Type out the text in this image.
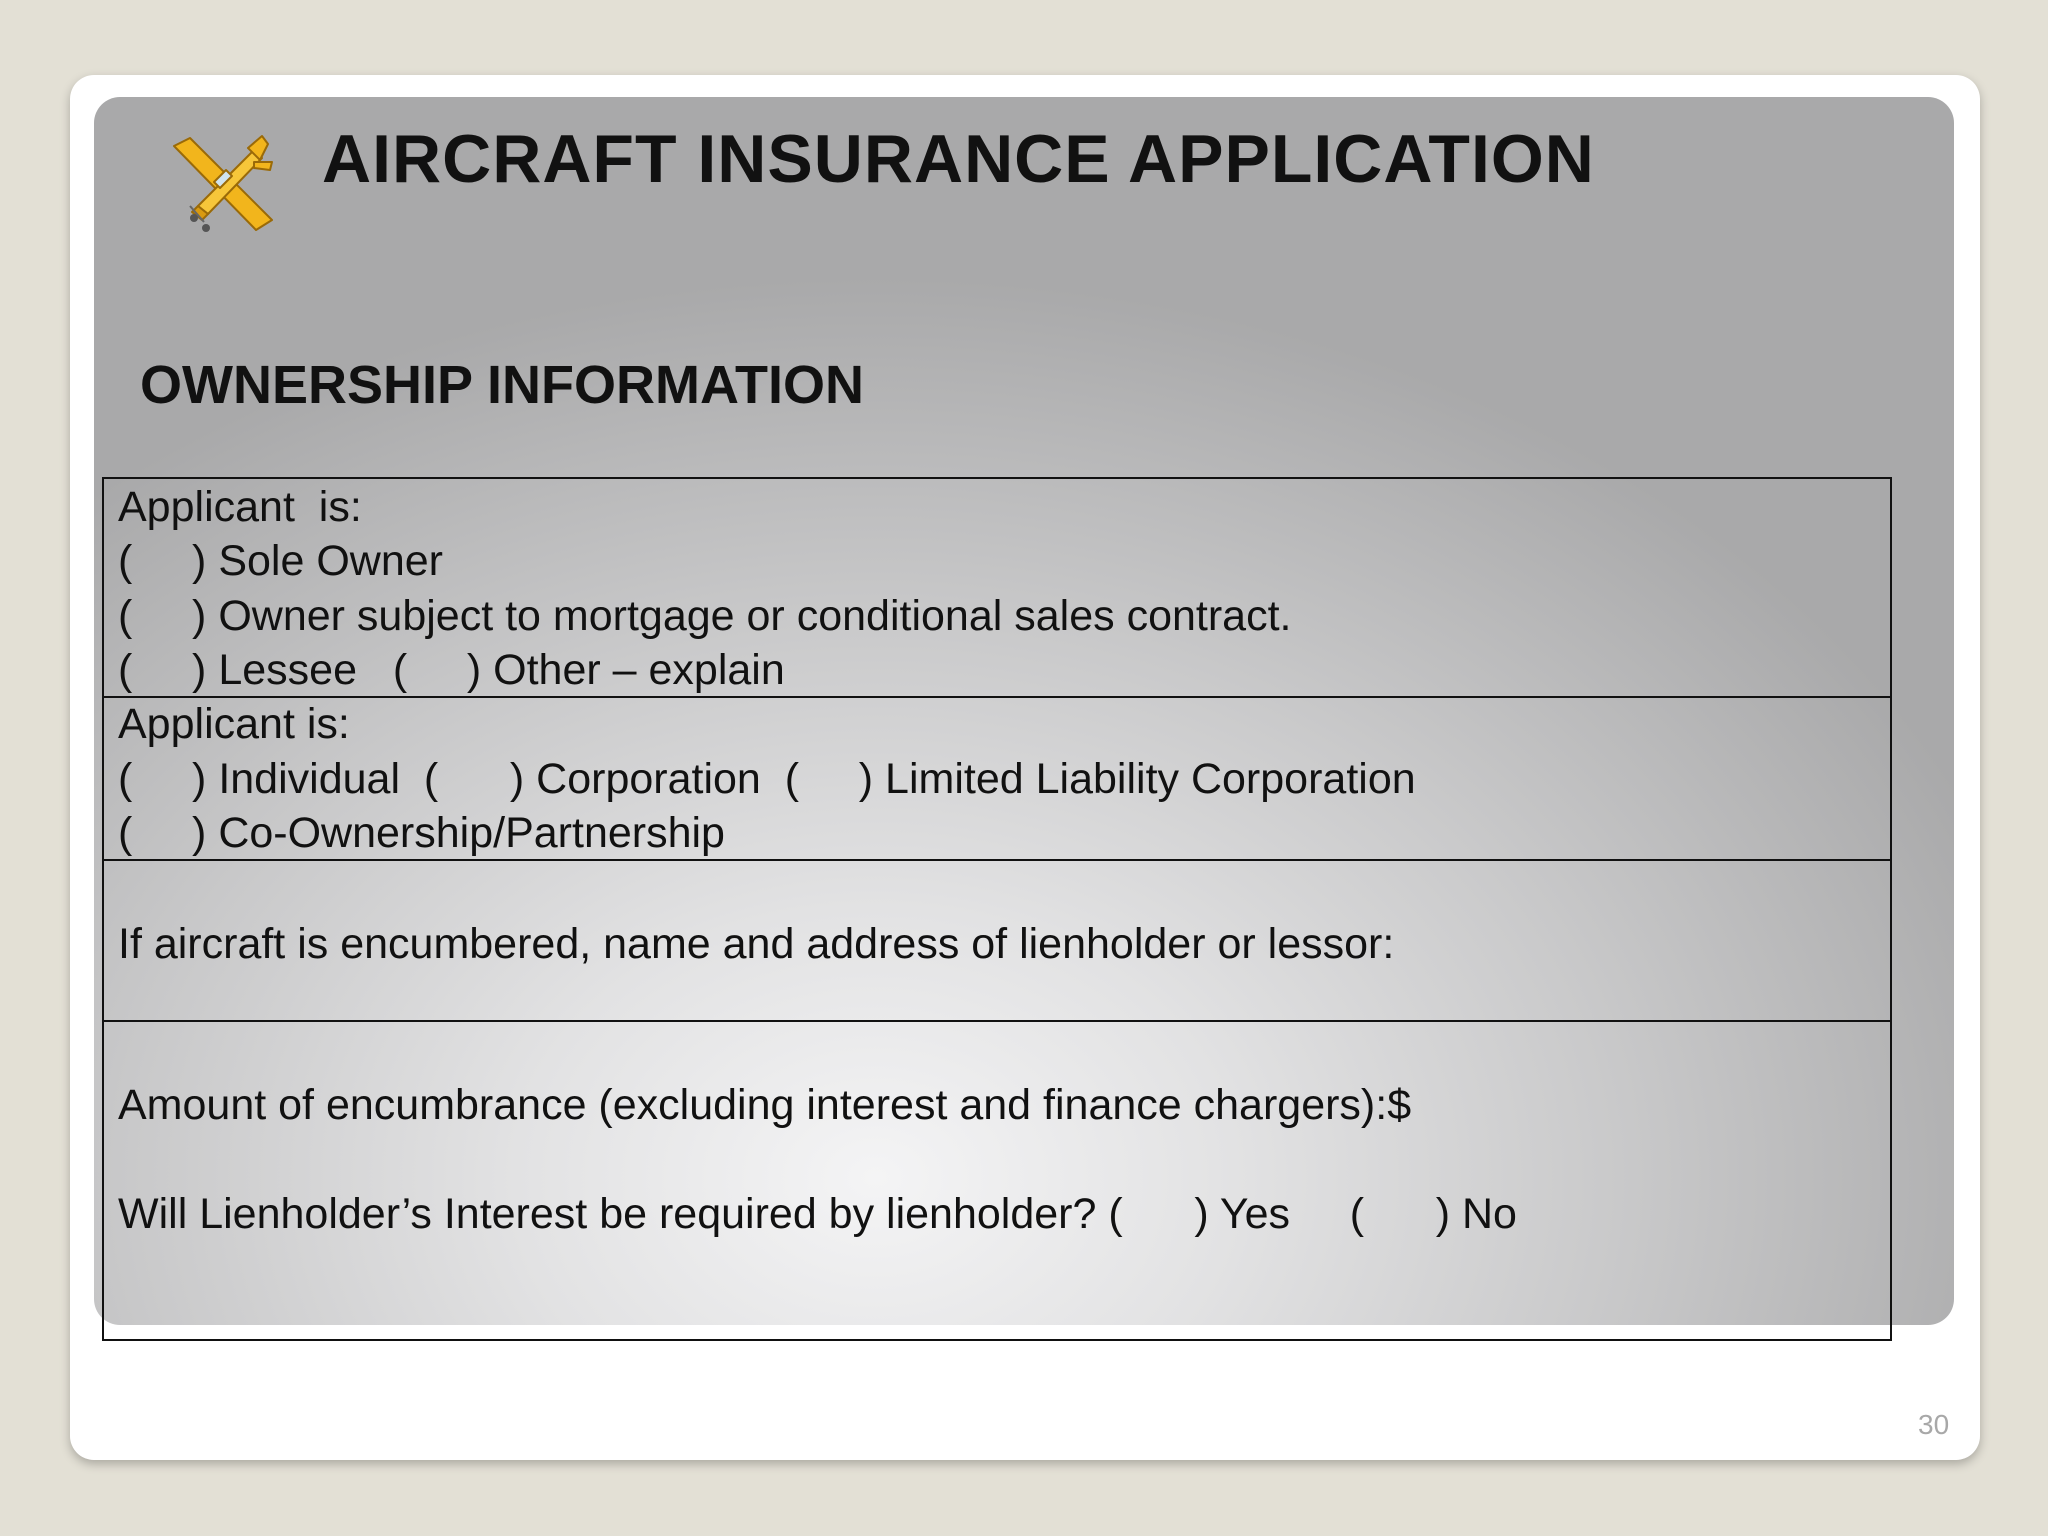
AIRCRAFT INSURANCE APPLICATION
OWNERSHIP INFORMATION
Applicant  is:
(     ) Sole Owner
(     ) Owner subject to mortgage or conditional sales contract.
(     ) Lessee   (     ) Other – explain
Applicant is:
(     ) Individual  (      ) Corporation  (     ) Limited Liability Corporation
(     ) Co-Ownership/Partnership
If aircraft is encumbered, name and address of lienholder or lessor:
Amount of encumbrance (excluding interest and finance chargers):$
Will Lienholder’s Interest be required by lienholder? (      ) Yes     (      ) No
30
